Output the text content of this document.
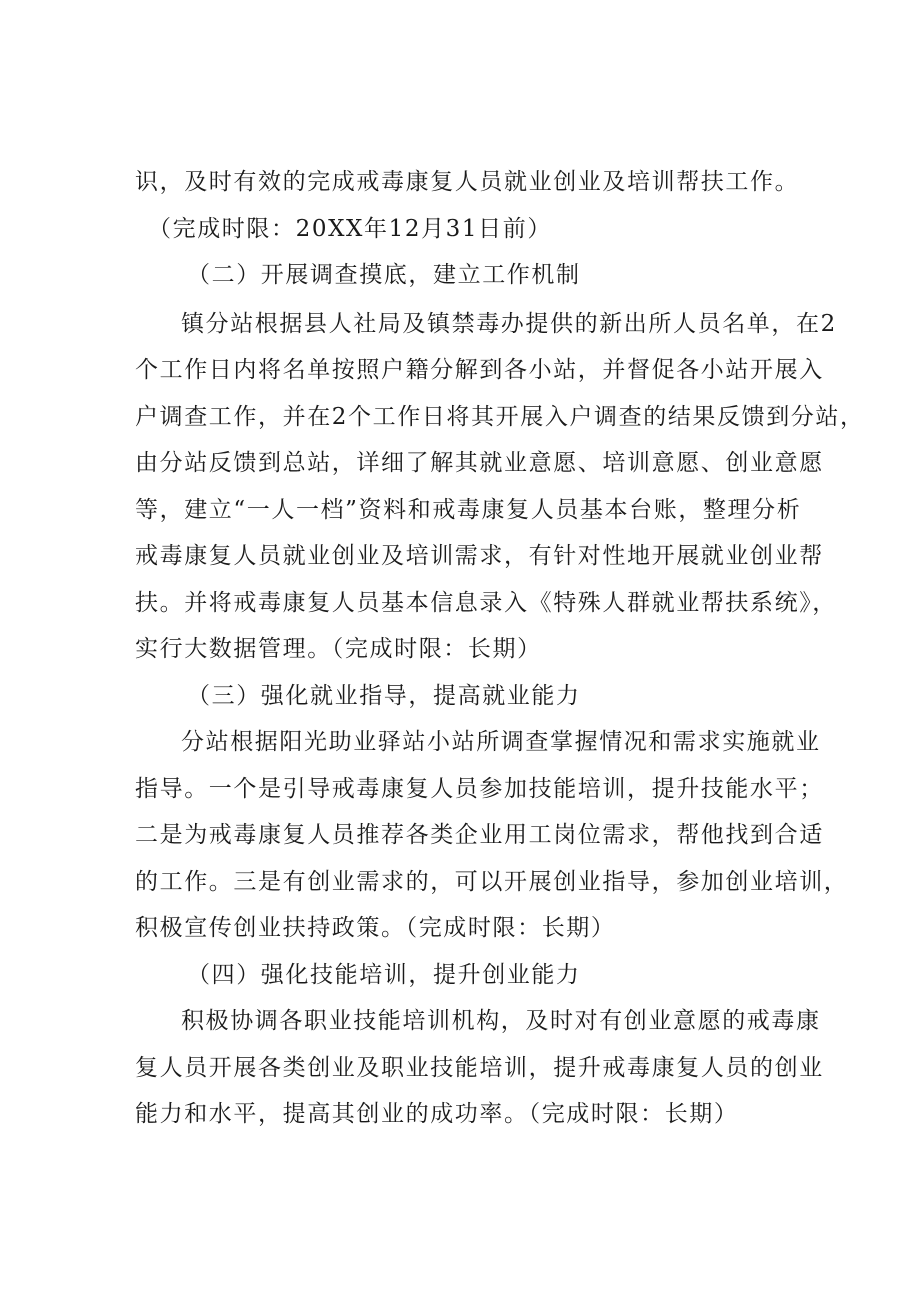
识，及时有效的完成戒毒康复人员就业创业及培训帮扶工作。
（完成时限：20XX年12月31日前）
（二）开展调查摸底，建立工作机制
镇分站根据县人社局及镇禁毒办提供的新出所人员名单，在2
个工作日内将名单按照户籍分解到各小站，并督促各小站开展入
户调查工作，并在2个工作日将其开展入户调查的结果反馈到分站，
由分站反馈到总站，详细了解其就业意愿、培训意愿、创业意愿
等，建立“一人一档”资料和戒毒康复人员基本台账，整理分析
戒毒康复人员就业创业及培训需求，有针对性地开展就业创业帮
扶。并将戒毒康复人员基本信息录入《特殊人群就业帮扶系统》，
实行大数据管理。（完成时限：长期）
（三）强化就业指导，提高就业能力
分站根据阳光助业驿站小站所调查掌握情况和需求实施就业
指导。一个是引导戒毒康复人员参加技能培训，提升技能水平；
二是为戒毒康复人员推荐各类企业用工岗位需求，帮他找到合适
的工作。三是有创业需求的，可以开展创业指导，参加创业培训，
积极宣传创业扶持政策。（完成时限：长期）
（四）强化技能培训，提升创业能力
积极协调各职业技能培训机构，及时对有创业意愿的戒毒康
复人员开展各类创业及职业技能培训，提升戒毒康复人员的创业
能力和水平，提高其创业的成功率。（完成时限：长期）
